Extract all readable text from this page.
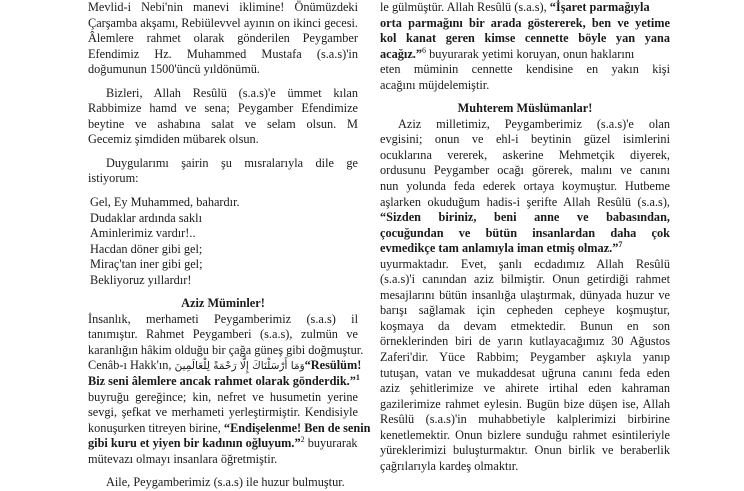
Mevlid-i Nebi'nin manevi iklimine! Önümüzdeki
Çarşamba akşamı, Rebiülevvel ayının on ikinci gecesi.
Âlemlere rahmet olarak gönderilen Peygamber
Efendimiz Hz. Muhammed Mustafa (s.a.s)'in
doğumunun 1500'üncü yıldönümü.
Bizleri, Allah Resûlü (s.a.s)'e ümmet kılan
Rabbimize hamd ve sena; Peygamber Efendimize
beytine ve ashabına salat ve selam olsun. M
Gecemiz şimdiden mübarek olsun.
Duygularımı şairin şu mısralarıyla dile ge
istiyorum:
Gel, Ey Muhammed, bahardır.
Dudaklar ardında saklı
Aminlerimiz vardır!..
Hacdan döner gibi gel;
Miraç'tan iner gibi gel;
Bekliyoruz yıllardır!
Aziz Müminler!
İnsanlık, merhameti Peygamberimiz (s.a.s) il
tanımıştır. Rahmet Peygamberi (s.a.s), zulmün ve
karanlığın hâkim olduğu bir çağa güneş gibi doğmuştur.
Cenâb-ı Hakk'ın, وَمَا أَرْسَلْنَاكَ إِلَّا رَحْمَةً لِلْعَالَمِينَ“Resülüm!
Biz seni âlemlere ancak rahmet olarak gönderdik.”$^1$
buyruğu gereğince; kin, nefret ve husumetin yerine
sevgi, şefkat ve merhameti yerleştirmiştir. Kendisiyle
konuşurken titreyen birine, “Endişelenme! Ben de senin
gibi kuru et yiyen bir kadının oğluyum.”$^2$ buyurarak
mütevazı olmayı insanlara öğretmiştir.
Aile, Peygamberimiz (s.a.s) ile huzur bulmuştur.
le gülmüştür. Allah Resûlü (s.a.s), “İşaret parmağıyla
orta parmağını bir arada göstererek, ben ve yetime
kol kanat geren kimse cennette böyle yan yana
acağız.”$^6$ buyurarak yetimi koruyan, onun haklarını
eten müminin cennette kendisine en yakın kişi
acağını müjdelemiştir.
Muhterem Müslümanlar!
Aziz milletimiz, Peygamberimiz (s.a.s)'e olan
evgisini; onun ve ehl-i beytinin güzel isimlerini
ocuklarına vererek, askerine Mehmetçik diyerek,
ordusunu Peygamber ocağı görerek, malını ve canını
nun yolunda feda ederek ortaya koymuştur. Hutbeme
aşlarken okuduğum hadis-i şerifte Allah Resûlü (s.a.s),
“Sizden biriniz, beni anne ve babasından,
çocuğundan ve bütün insanlardan daha çok
evmedikçe tam anlamıyla iman etmiş olmaz.”$^7$
uyurmaktadır. Evet, şanlı ecdadımız Allah Resûlü
(s.a.s)'i canından aziz bilmiştir. Onun getirdiği rahmet
mesajlarını bütün insanlığa ulaştırmak, dünyada huzur ve
barışı sağlamak için cepheden cepheye koşmuştur,
koşmaya da devam etmektedir. Bunun en son
örneklerinden biri de yarın kutlayacağımız 30 Ağustos
Zaferi'dir. Yüce Rabbim; Peygamber aşkıyla yanıp
tutuşan, vatan ve mukaddesat uğruna canını feda eden
aziz şehitlerimize ve ahirete irtihal eden kahraman
gazilerimize rahmet eylesin. Bugün bize düşen ise, Allah
Resûlü (s.a.s)'in muhabbetiyle kalplerimizi birbirine
kenetlemektir. Onun bizlere sunduğu rahmet esintileriyle
yüreklerimizi buluşturmaktır. Onun birlik ve beraberlik
çağrılarıyla kardeş olmaktır.
